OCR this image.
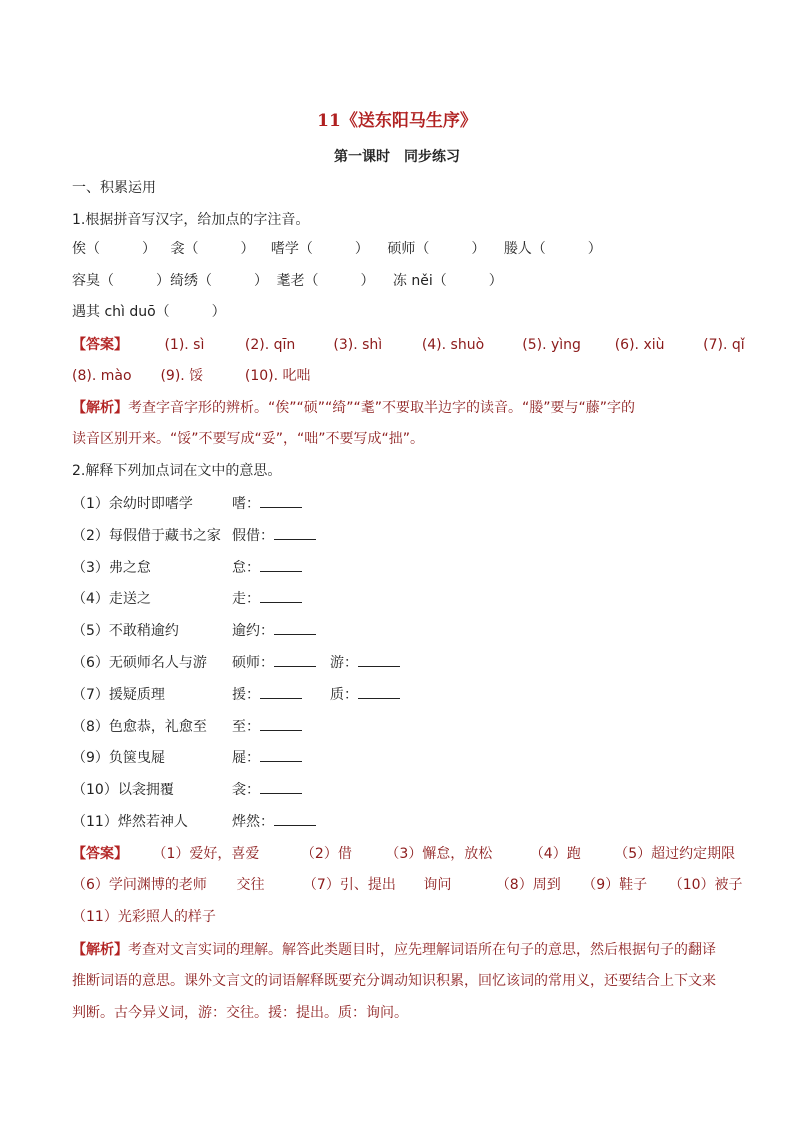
11《送东阳马生序》
第一课时　同步练习
一、积累运用
1.根据拼音写汉字，给加点的字注音。
俟（　　　） 衾（　　　） 嗜学（　　　） 硕师（　　　） 媵人（　　　）
容臭（　　　）绮绣（　　　） 耄老（　　　） 冻 něi（　　　）
遇其 chì duō（　　　）
【答案】	(1). sì	(2). qīn	(3). shì	(4). shuò	(5). yìng (6). xiù	(7). qǐ
(8). mào (9). 馁	(10). 叱咄
【解析】考查字音字形的辨析。“俟”“硕”“绮”“耄”不要取半边字的读音。“媵”要与“藤”字的
读音区别开来。“馁”不要写成“妥”，“咄”不要写成“拙”。
2.解释下列加点词在文中的意思。
（1）余幼时即嗜学	嗜：
（2）每假借于藏书之家 假借：
（3）弗之怠	怠：
（4）走送之	走：
（5）不敢稍逾约	逾约：
（6）无硕师名人与游 硕师：	游：
（7）援疑质理	援：	质：
（8）色愈恭，礼愈至 至：
（9）负箧曳屣	屣：
（10）以衾拥覆	衾：
（11）烨然若神人	烨然：
【答案】 （1）爱好，喜爱	（2）借 （3）懈怠，放松	（4）跑 （5）超过约定期限
（6）学问渊博的老师 交往	（7）引、提出 询问	（8）周到 （9）鞋子 （10）被子
（11）光彩照人的样子
【解析】考查对文言实词的理解。解答此类题目时，应先理解词语所在句子的意思，然后根据句子的翻译
推断词语的意思。课外文言文的词语解释既要充分调动知识积累，回忆该词的常用义，还要结合上下文来
判断。古今异义词，游：交往。援：提出。质：询问。
